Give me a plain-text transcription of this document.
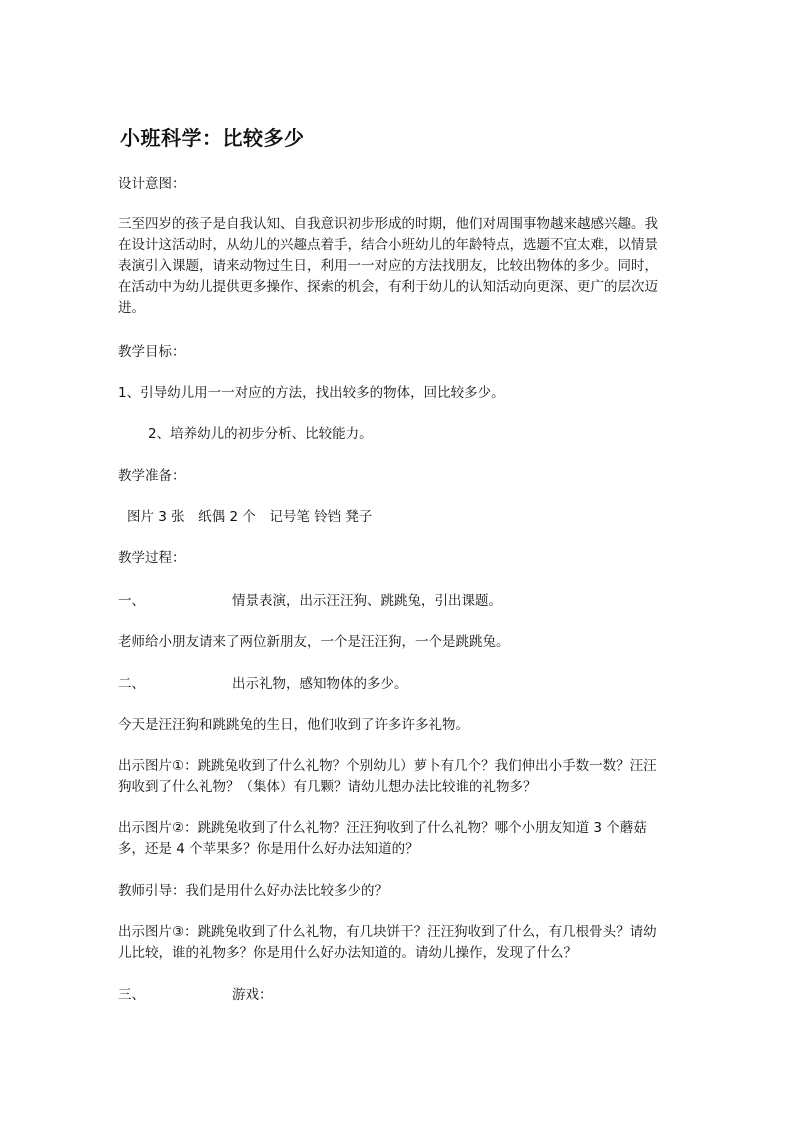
小班科学：比较多少
设计意图：
三至四岁的孩子是自我认知、自我意识初步形成的时期，他们对周围事物越来越感兴趣。我
在设计这活动时，从幼儿的兴趣点着手，结合小班幼儿的年龄特点，选题不宜太难，以情景
表演引入课题，请来动物过生日，利用一一对应的方法找朋友，比较出物体的多少。同时，
在活动中为幼儿提供更多操作、探索的机会，有利于幼儿的认知活动向更深、更广的层次迈
进。
教学目标：
1、引导幼儿用一一对应的方法，找出较多的物体，回比较多少。
2、培养幼儿的初步分析、比较能力。
教学准备：
图片 3 张　纸偶 2 个　记号笔 铃铛 凳子
教学过程：
一、	情景表演，出示汪汪狗、跳跳兔，引出课题。
老师给小朋友请来了两位新朋友，一个是汪汪狗，一个是跳跳兔。
二、	出示礼物，感知物体的多少。
今天是汪汪狗和跳跳兔的生日，他们收到了许多许多礼物。
出示图片①：跳跳兔收到了什么礼物？个别幼儿）萝卜有几个？我们伸出小手数一数？汪汪
狗收到了什么礼物？（集体）有几颗？请幼儿想办法比较谁的礼物多？
出示图片②：跳跳兔收到了什么礼物？汪汪狗收到了什么礼物？哪个小朋友知道 3 个蘑菇
多，还是 4 个苹果多？你是用什么好办法知道的？
教师引导：我们是用什么好办法比较多少的？
出示图片③：跳跳兔收到了什么礼物，有几块饼干？汪汪狗收到了什么，有几根骨头？请幼
儿比较，谁的礼物多？你是用什么好办法知道的。请幼儿操作，发现了什么？
三、	游戏：
